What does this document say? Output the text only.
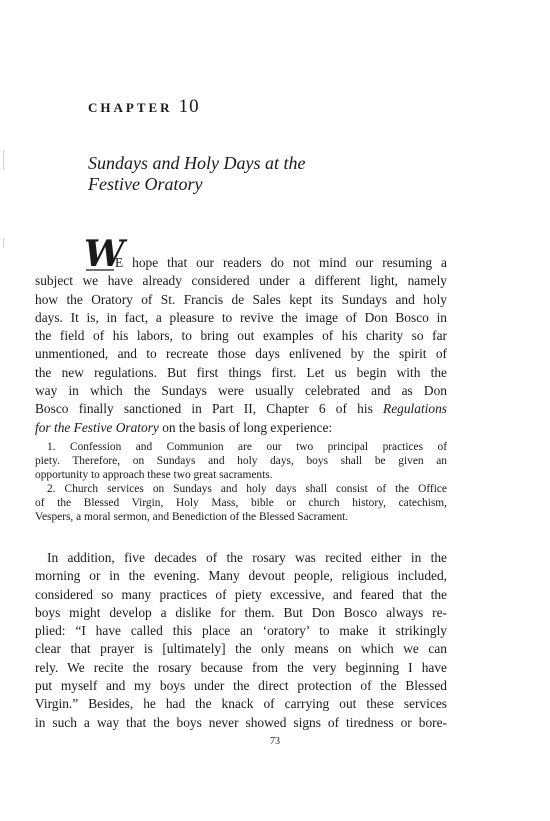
CHAPTER 10
Sundays and Holy Days at the
Festive Oratory
W
E hope that our readers do not mind our resuming a
subject we have already considered under a different light, namely
how the Oratory of St. Francis de Sales kept its Sundays and holy
days. It is, in fact, a pleasure to revive the image of Don Bosco in
the field of his labors, to bring out examples of his charity so far
unmentioned, and to recreate those days enlivened by the spirit of
the new regulations. But first things first. Let us begin with the
way in which the Sundays were usually celebrated and as Don
Bosco finally sanctioned in Part II, Chapter 6 of his Regulations
for the Festive Oratory on the basis of long experience:
1. Confession and Communion are our two principal practices of
piety. Therefore, on Sundays and holy days, boys shall be given an
opportunity to approach these two great sacraments.
2. Church services on Sundays and holy days shall consist of the Office
of the Blessed Virgin, Holy Mass, bible or church history, catechism,
Vespers, a moral sermon, and Benediction of the Blessed Sacrament.
In addition, five decades of the rosary was recited either in the
morning or in the evening. Many devout people, religious included,
considered so many practices of piety excessive, and feared that the
boys might develop a dislike for them. But Don Bosco always re-
plied: “I have called this place an ‘oratory’ to make it strikingly
clear that prayer is [ultimately] the only means on which we can
rely. We recite the rosary because from the very beginning I have
put myself and my boys under the direct protection of the Blessed
Virgin.” Besides, he had the knack of carrying out these services
in such a way that the boys never showed signs of tiredness or bore-
73
